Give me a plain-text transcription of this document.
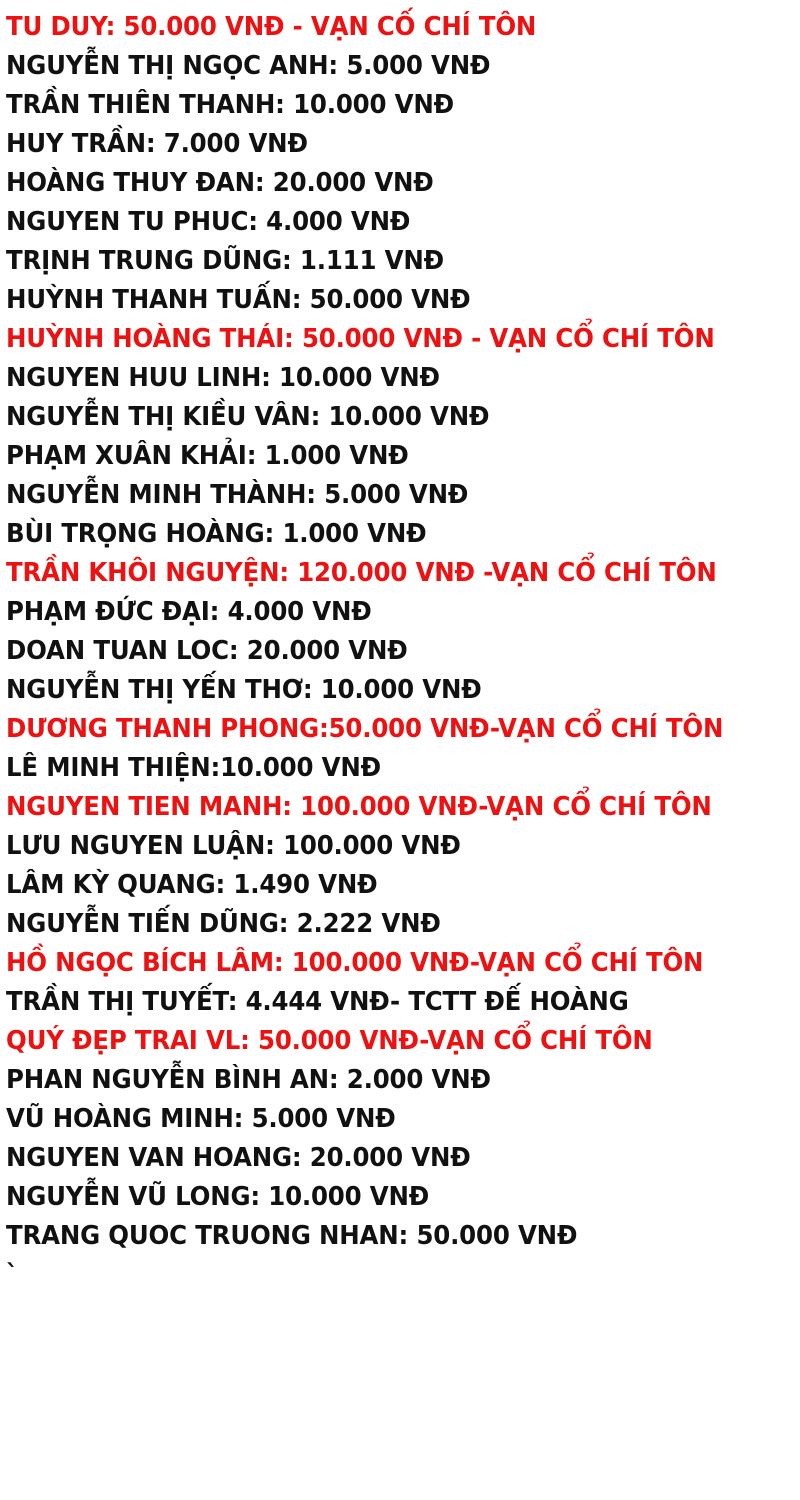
TU DUY: 50.000 VNĐ - VẠN CỐ CHÍ TÔN
NGUYỄN THỊ NGỌC ANH: 5.000 VNĐ
TRẦN THIÊN THANH: 10.000 VNĐ
HUY TRẦN: 7.000 VNĐ
HOÀNG THUY ĐAN: 20.000 VNĐ
NGUYEN TU PHUC: 4.000 VNĐ
TRỊNH TRUNG DŨNG: 1.111 VNĐ
HUỲNH THANH TUẤN: 50.000 VNĐ
HUỲNH HOÀNG THÁI: 50.000 VNĐ - VẠN CỔ CHÍ TÔN
NGUYEN HUU LINH: 10.000 VNĐ
NGUYỄN THỊ KIỀU VÂN: 10.000 VNĐ
PHẠM XUÂN KHẢI: 1.000 VNĐ
NGUYỄN MINH THÀNH: 5.000 VNĐ
BÙI TRỌNG HOÀNG: 1.000 VNĐ
TRẦN KHÔI NGUYỆN: 120.000 VNĐ -VẠN CỔ CHÍ TÔN
PHẠM ĐỨC ĐẠI: 4.000 VNĐ
DOAN TUAN LOC: 20.000 VNĐ
NGUYỄN THỊ YẾN THƠ: 10.000 VNĐ
DƯƠNG THANH PHONG:50.000 VNĐ-VẠN CỔ CHÍ TÔN
LÊ MINH THIỆN:10.000 VNĐ
NGUYEN TIEN MANH: 100.000 VNĐ-VẠN CỔ CHÍ TÔN
LƯU NGUYEN LUẬN: 100.000 VNĐ
LÂM KỲ QUANG: 1.490 VNĐ
NGUYỄN TIẾN DŨNG: 2.222 VNĐ
HỒ NGỌC BÍCH LÂM: 100.000 VNĐ-VẠN CỔ CHÍ TÔN
TRẦN THỊ TUYẾT: 4.444 VNĐ- TCTT ĐẾ HOÀNG
QUÝ ĐẸP TRAI VL: 50.000 VNĐ-VẠN CỔ CHÍ TÔN
PHAN NGUYỄN BÌNH AN: 2.000 VNĐ
VŨ HOÀNG MINH: 5.000 VNĐ
NGUYEN VAN HOANG: 20.000 VNĐ
NGUYỄN VŨ LONG: 10.000 VNĐ
TRANG QUOC TRUONG NHAN: 50.000 VNĐ
`
